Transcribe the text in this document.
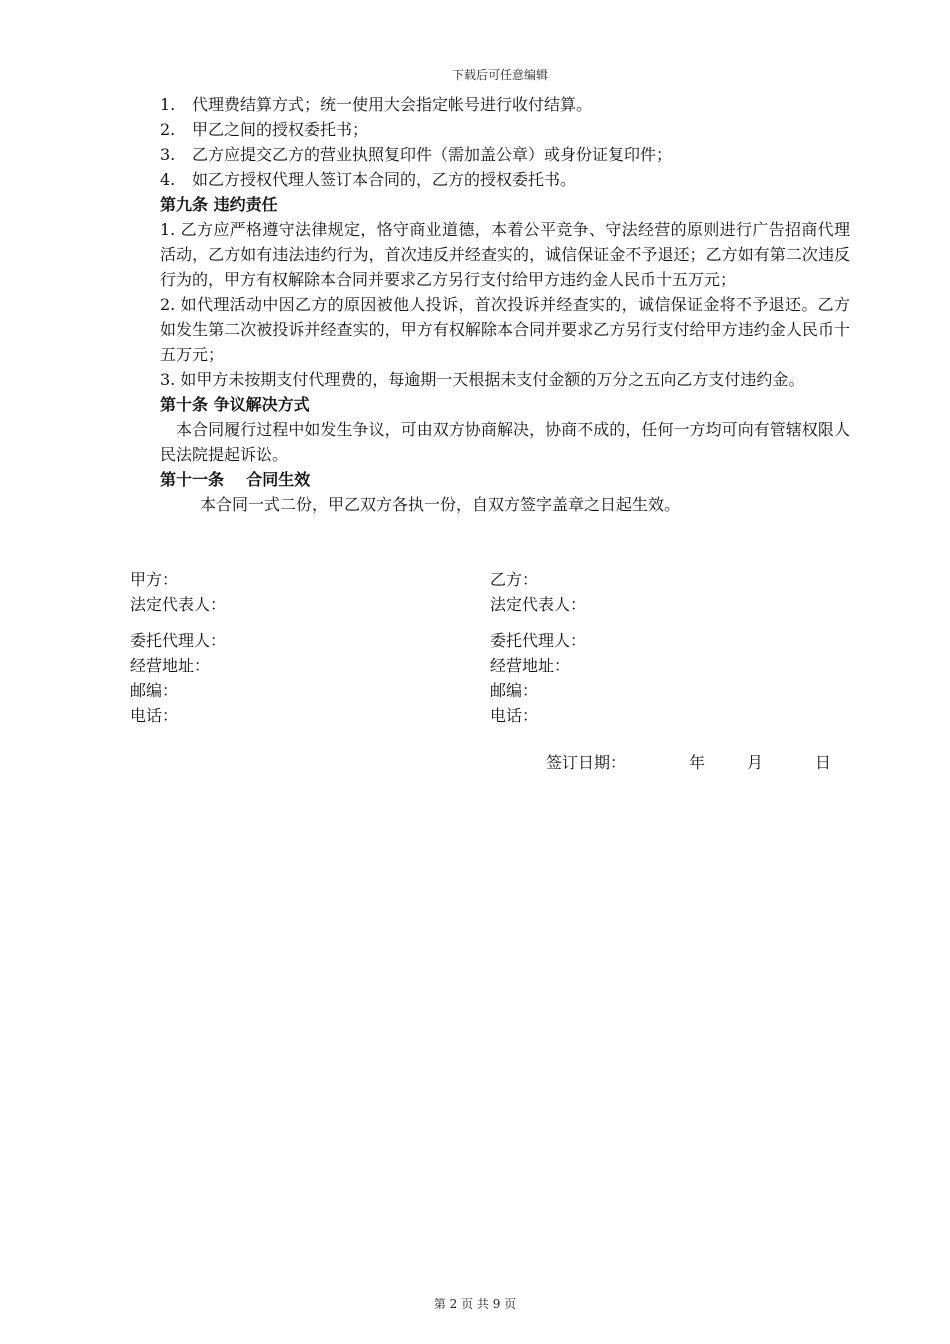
下载后可任意编辑
1.	代理费结算方式；统一使用大会指定帐号进行收付结算。
2.	甲乙之间的授权委托书；
3.	乙方应提交乙方的营业执照复印件（需加盖公章）或身份证复印件；
4.	如乙方授权代理人签订本合同的，乙方的授权委托书。
第九条 违约责任
1. 乙方应严格遵守法律规定，恪守商业道德，本着公平竞争、守法经营的原则进行广告招商代理活动，乙方如有违法违约行为，首次违反并经查实的，诚信保证金不予退还；乙方如有第二次违反行为的，甲方有权解除本合同并要求乙方另行支付给甲方违约金人民币十五万元；
2. 如代理活动中因乙方的原因被他人投诉，首次投诉并经查实的，诚信保证金将不予退还。乙方如发生第二次被投诉并经查实的，甲方有权解除本合同并要求乙方另行支付给甲方违约金人民币十五万元；
3. 如甲方未按期支付代理费的，每逾期一天根据未支付金额的万分之五向乙方支付违约金。
第十条 争议解决方式
本合同履行过程中如发生争议，可由双方协商解决，协商不成的，任何一方均可向有管辖权限人民法院提起诉讼。
第十一条    合同生效
本合同一式二份，甲乙双方各执一份，自双方签字盖章之日起生效。
甲方：	乙方：
法定代表人：	法定代表人：
委托代理人：	委托代理人：
经营地址：	经营地址：
邮编：	邮编：
电话：	电话：

签订日期：

	年

	月

	日

第 2 页 共 9 页
